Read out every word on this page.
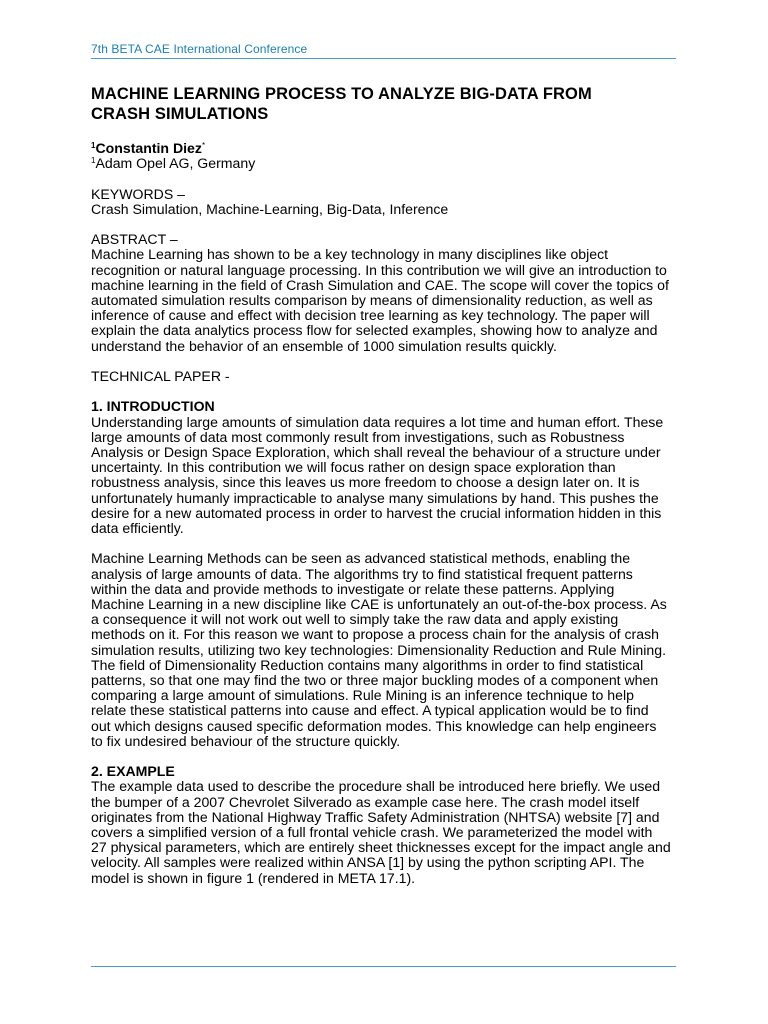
7th BETA CAE International Conference
MACHINE LEARNING PROCESS TO ANALYZE BIG-DATA FROM
CRASH SIMULATIONS
$^1$Constantin Diez*
$^1$Adam Opel AG, Germany
KEYWORDS –
Crash Simulation, Machine-Learning, Big-Data, Inference
ABSTRACT –
Machine Learning has shown to be a key technology in many disciplines like object
recognition or natural language processing. In this contribution we will give an introduction to
machine learning in the field of Crash Simulation and CAE. The scope will cover the topics of
automated simulation results comparison by means of dimensionality reduction, as well as
inference of cause and effect with decision tree learning as key technology. The paper will
explain the data analytics process flow for selected examples, showing how to analyze and
understand the behavior of an ensemble of 1000 simulation results quickly.
TECHNICAL PAPER -
1. INTRODUCTION
Understanding large amounts of simulation data requires a lot time and human effort. These
large amounts of data most commonly result from investigations, such as Robustness
Analysis or Design Space Exploration, which shall reveal the behaviour of a structure under
uncertainty. In this contribution we will focus rather on design space exploration than
robustness analysis, since this leaves us more freedom to choose a design later on. It is
unfortunately humanly impracticable to analyse many simulations by hand. This pushes the
desire for a new automated process in order to harvest the crucial information hidden in this
data efficiently.
Machine Learning Methods can be seen as advanced statistical methods, enabling the
analysis of large amounts of data. The algorithms try to find statistical frequent patterns
within the data and provide methods to investigate or relate these patterns. Applying
Machine Learning in a new discipline like CAE is unfortunately an out-of-the-box process. As
a consequence it will not work out well to simply take the raw data and apply existing
methods on it. For this reason we want to propose a process chain for the analysis of crash
simulation results, utilizing two key technologies: Dimensionality Reduction and Rule Mining.
The field of Dimensionality Reduction contains many algorithms in order to find statistical
patterns, so that one may find the two or three major buckling modes of a component when
comparing a large amount of simulations. Rule Mining is an inference technique to help
relate these statistical patterns into cause and effect. A typical application would be to find
out which designs caused specific deformation modes. This knowledge can help engineers
to fix undesired behaviour of the structure quickly.
2. EXAMPLE
The example data used to describe the procedure shall be introduced here briefly. We used
the bumper of a 2007 Chevrolet Silverado as example case here. The crash model itself
originates from the National Highway Traffic Safety Administration (NHTSA) website [7] and
covers a simplified version of a full frontal vehicle crash. We parameterized the model with
27 physical parameters, which are entirely sheet thicknesses except for the impact angle and
velocity. All samples were realized within ANSA [1] by using the python scripting API. The
model is shown in figure 1 (rendered in META 17.1).
